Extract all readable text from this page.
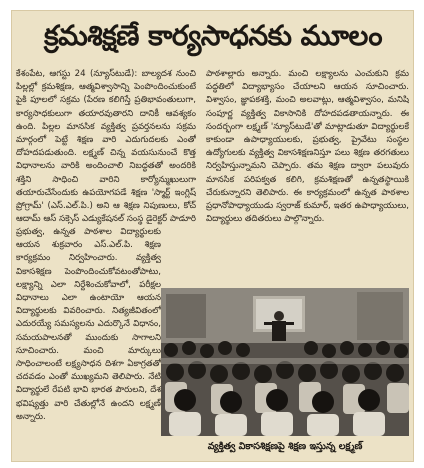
క్రమశిక్షణే కార్యసాధనకు మూలం

కేశంపేట, ఆగస్టు 24 (న్యూస్‌టుడే): బాల్యదశ నుంచి పిల్లల్లో క్రమశిక్షణ, ఆత్మవిశ్వాసాన్ని పెంపొందించుకుంటే పైకి పూలలో సక్రమ (పేరణ కలిగిస్తే ప్రతిభావంతులుగా, కార్యసాధకులుగా తయారవుతారని దానికీ ఆవశ్యకం ఉంది. పిల్లల మానసిక వ్యక్తిత్వ ప్రవర్తనలను సక్రమ మార్గంలో పెట్టే శిక్షణ వారి ఎదుగుదలకు ఎంతో దోహదపడుతుంది. లక్ష్మణ్ చిన్న వయసునుంచే కొత్త విధానాలను వారికి అందించాలి నిబద్ధతతో అందరికి శక్తిని సాధించి వారిని కార్యోన్ముఖులుగా తయారుచేసేందుకు ఉపయోగపడే శిక్షణ 'స్మార్ట్ ఇంగ్లిష్ ప్రోగ్రామ్' (ఎస్.ఎల్.పి.) అని ఆ శిక్షణ నిపుణులు, కోచ్ ఆదామ్ ఆస్ సక్సెస్ ఎడ్యుకేషనల్ సంస్థ డైరెక్టర్ పాడూరి

పాఠశాల్లారు అన్నారు. మంచి లక్ష్యాలను ఎంచుకుని క్రమ పద్ధతిలో విద్యాభ్యాసం చేయాలని ఆయన సూచించారు. విశ్వాసం, జ్ఞాపకశక్తి, మంచి అలవాట్లు, ఆత్మవిశ్వాసం, మనిషి సంపూర్ణ వ్యక్తిత్వ వికాసానికి దోహదపడతాయన్నారు. ఈ సందర్భంగా లక్ష్మణ్ 'న్యూస్‌టుడే'తో మాట్లాడుతూ విద్యార్థులకే కాకుండా ఉపాధ్యాయులకు, ప్రభుత్వ, ప్రైవేటు సంస్థల ఉద్యోగులకు వ్యక్తిత్వ వికాసశిక్షణనిస్తూ పలు శిక్షణ తరగతులు నిర్వహిస్తున్నామని చెప్పారు. తమ శిక్షణ ద్వారా పలువురు మానసిక పరిపక్వత కలిగి, క్రమశిక్షణతో ఉన్నతస్థాయికి చేరుకున్నారని తెలిపారు. ఈ కార్యక్రమంలో ఉన్నత పాఠశాల ప్రధానోపాధ్యాయుడు స్వరాజ్ కుమార్, ఇతర ఉపాధ్యాయులు, విద్యార్థులు తదితరులు పాల్గొన్నారు.

ప్రభుత్వ, ఉన్నత పాఠశాల విద్యార్థులకు ఆయన శుక్రవారం ఎస్.ఎల్.పి. శిక్షణ కార్యక్రమం నిర్వహించారు. వ్యక్తిత్వ వికాసశిక్షణ పెంపొందించుకోవటంతోపాటు, లక్ష్యాన్ని ఎలా నిర్దేశించుకోవాలో, పరీక్షల విధానాలు ఎలా ఉంటాయో ఆయన విద్యార్థులకు వివరించారు. నిత్యజీవితంలో ఎదురయ్యే సమస్యలను ఎదుర్కొనే విధానం, సమయపాలనతో ముందుకు సాగాలని సూచించారు. మంచి మార్కులు సాధించాలంటే లక్ష్యసాధన దిశగా ఏకాగ్రతతో చదవడం ఎంతో ముఖ్యమని తెలిపారు. నేటి విద్యార్థులే రేపటి భావి భారత పౌరులని, దేశ భవిష్యత్తు వారి చేతుల్లోనే ఉందని లక్ష్మణ్ అన్నారు.

వ్యక్తిత్వ వికాసశిక్షణపై శిక్షణ ఇస్తున్న లక్ష్మణ్
